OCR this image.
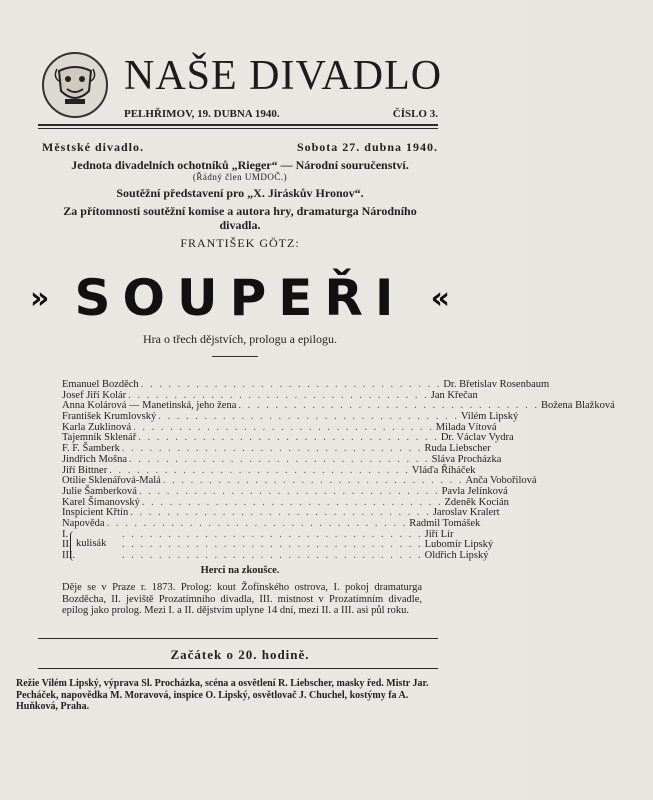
NAŠE DIVADLO
PELHŘIMOV, 19. DUBNA 1940.	ČÍSLO 3.
Městské divadlo.	Sobota 27. dubna 1940.
Jednota divadelních ochotníků „Rieger“ — Národní souručenství.
(Řádný člen UMDOČ.)
Soutěžní představení pro „X. Jiráskův Hronov“.
Za přítomnosti soutěžní komise a autora hry, dramaturga Národního divadla.
FRANTIŠEK GÖTZ:
» SOUPEŘI «
Hra o třech dějstvích, prologu a epilogu.
Emanuel Bozděch . . . . . . . . . . . . . . . . . . . . . . . . . . . . . . . . . Dr. Břetislav Rosenbaum
Josef Jiří Kolár . . . . . . . . . . . . . . . . . . . . . . . . . . . . . . . . . Jan Křečan
Anna Kolárová — Manetinská, jeho žena . . . . . . . . . . . . . . . . . . . . . . . . . . . . . . . . . Božena Blažková
František Krumlovský . . . . . . . . . . . . . . . . . . . . . . . . . . . . . . . . . Vilém Lipský
Karla Zuklinová . . . . . . . . . . . . . . . . . . . . . . . . . . . . . . . . . Milada Vítová
Tajemník Sklenář . . . . . . . . . . . . . . . . . . . . . . . . . . . . . . . . . Dr. Václav Vydra
F. F. Šamberk . . . . . . . . . . . . . . . . . . . . . . . . . . . . . . . . . Ruda Liebscher
Jindřich Mošna . . . . . . . . . . . . . . . . . . . . . . . . . . . . . . . . . Sláva Procházka
Jiří Bittner . . . . . . . . . . . . . . . . . . . . . . . . . . . . . . . . . Vláďa Říháček
Otilie Sklenářová-Malá . . . . . . . . . . . . . . . . . . . . . . . . . . . . . . . . . Anča Vobořilová
Julie Šamberková . . . . . . . . . . . . . . . . . . . . . . . . . . . . . . . . . Pavla Jelínková
Karel Šimanovský . . . . . . . . . . . . . . . . . . . . . . . . . . . . . . . . . Zdeněk Kocián
Inspicient Křtín . . . . . . . . . . . . . . . . . . . . . . . . . . . . . . . . . Jaroslav Kralert
Napověda . . . . . . . . . . . . . . . . . . . . . . . . . . . . . . . . . Radmil Tomášek
kulisák
I.	. . . . . . . . . . . . . . . . . . . . . . . . . . . . . . . . . Jiří Lír
II.	. . . . . . . . . . . . . . . . . . . . . . . . . . . . . . . . . Lubomír Lipský
III.	. . . . . . . . . . . . . . . . . . . . . . . . . . . . . . . . . Oldřich Lipský
Herci na zkoušce.
Děje se v Praze r. 1873. Prolog: kout Žofínského ostrova, I. pokoj dramaturga Bozděcha, II. jeviště Prozatímního divadla, III. místnost v Prozatímním divadle, epilog jako prolog. Mezi I. a II. dějstvím uplyne 14 dní, mezi II. a III. asi půl roku.
Začátek o 20. hodině.
Režie Vilém Lipský, výprava Sl. Procházka, scéna a osvětlení R. Liebscher, masky řed. Mistr Jar. Pecháček, napovědka M. Moravová, inspice O. Lipský, osvětlovač J. Chuchel, kostýmy fa A. Huňková, Praha.
